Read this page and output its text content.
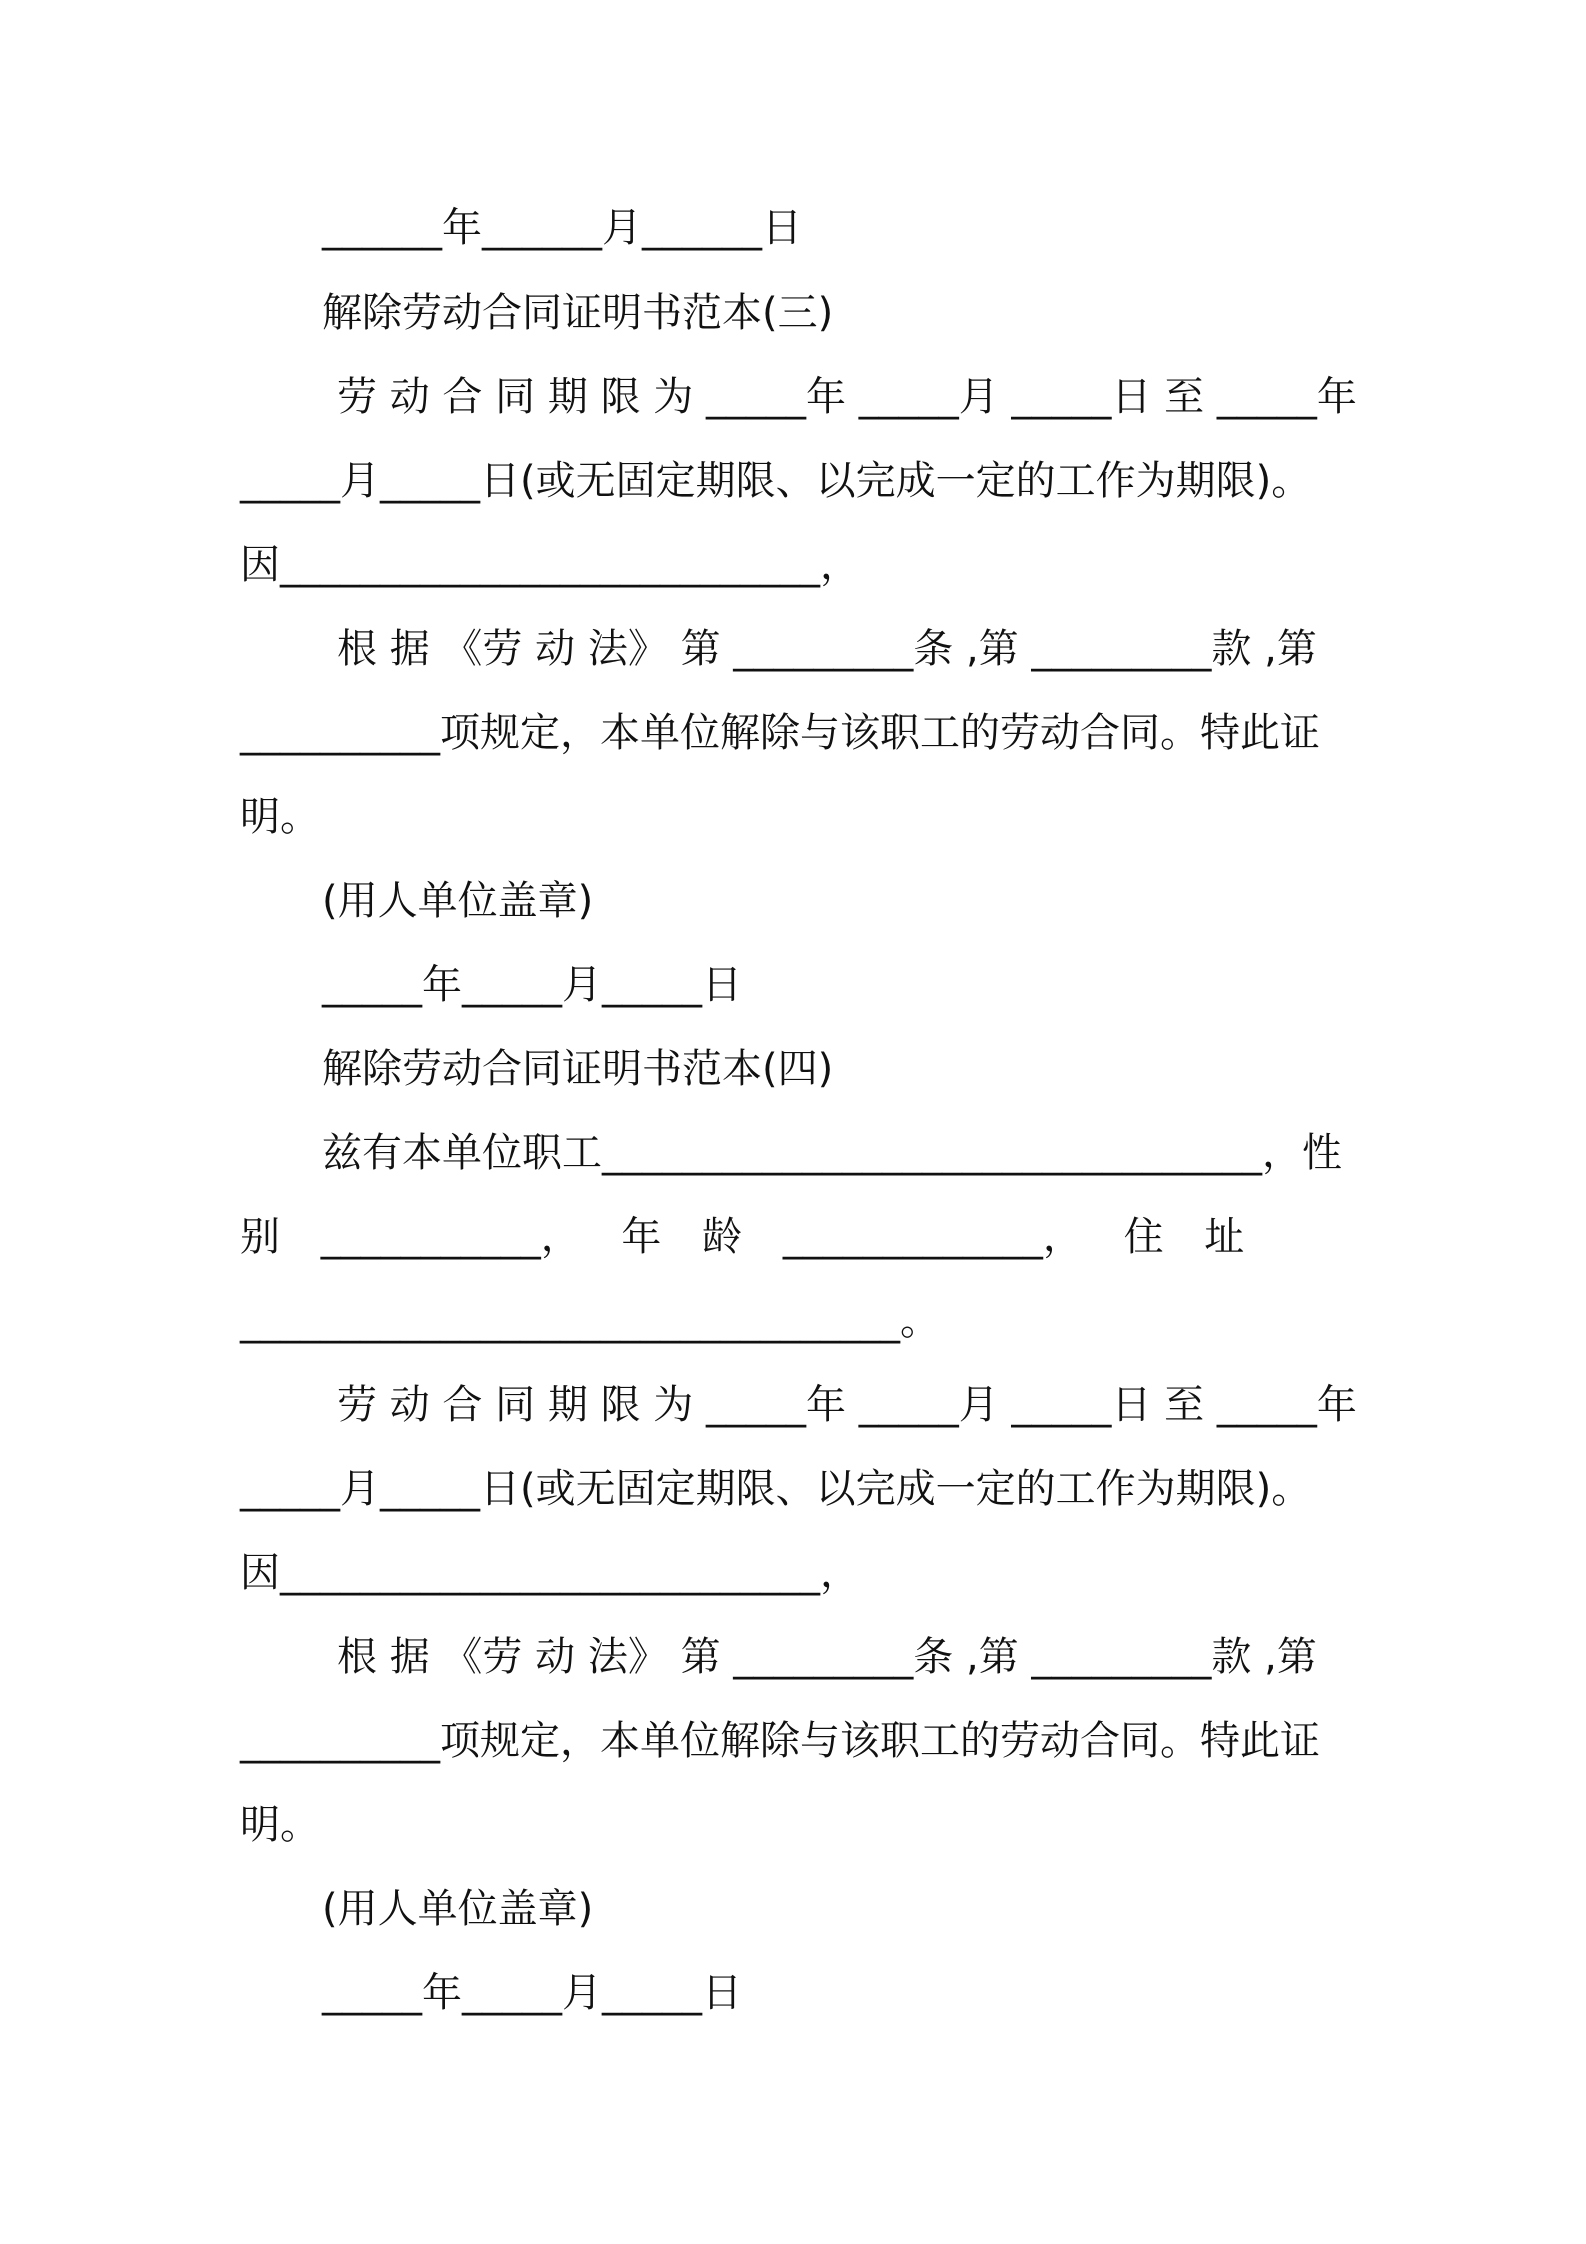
______年______月______日
解除劳动合同证明书范本(三)
劳 动 合 同 期 限 为 _____年 _____月 _____日 至 _____年
_____月_____日(或无固定期限、以完成一定的工作为期限)。
因___________________________，
根 据 《劳 动 法》 第 _________条 ,第 _________款 ,第
__________项规定，本单位解除与该职工的劳动合同。特此证
明。
(用人单位盖章)
_____年_____月_____日
解除劳动合同证明书范本(四)
兹有本单位职工_________________________________，性
别 ___________， 年 龄 _____________， 住 址
_________________________________。
劳 动 合 同 期 限 为 _____年 _____月 _____日 至 _____年
_____月_____日(或无固定期限、以完成一定的工作为期限)。
因___________________________，
根 据 《劳 动 法》 第 _________条 ,第 _________款 ,第
__________项规定，本单位解除与该职工的劳动合同。特此证
明。
(用人单位盖章)
_____年_____月_____日
